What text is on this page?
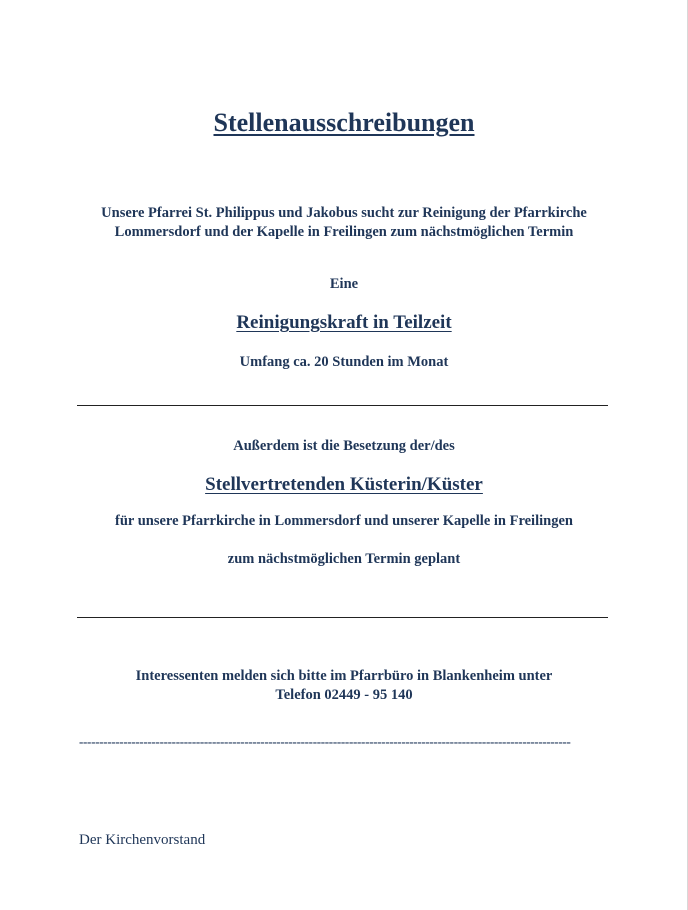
Stellenausschreibungen
Unsere Pfarrei St. Philippus und Jakobus sucht zur Reinigung der Pfarrkirche Lommersdorf und der Kapelle in Freilingen zum nächstmöglichen Termin
Eine
Reinigungskraft in Teilzeit
Umfang ca. 20 Stunden im Monat
Außerdem ist die Besetzung der/des
Stellvertretenden Küsterin/Küster
für unsere Pfarrkirche in Lommersdorf und unserer Kapelle in Freilingen
zum nächstmöglichen Termin geplant
Interessenten melden sich bitte im Pfarrbüro in Blankenheim unter
Telefon 02449 - 95 140
--------------------------------------------------------------------------------------------------------------------------
Der Kirchenvorstand
